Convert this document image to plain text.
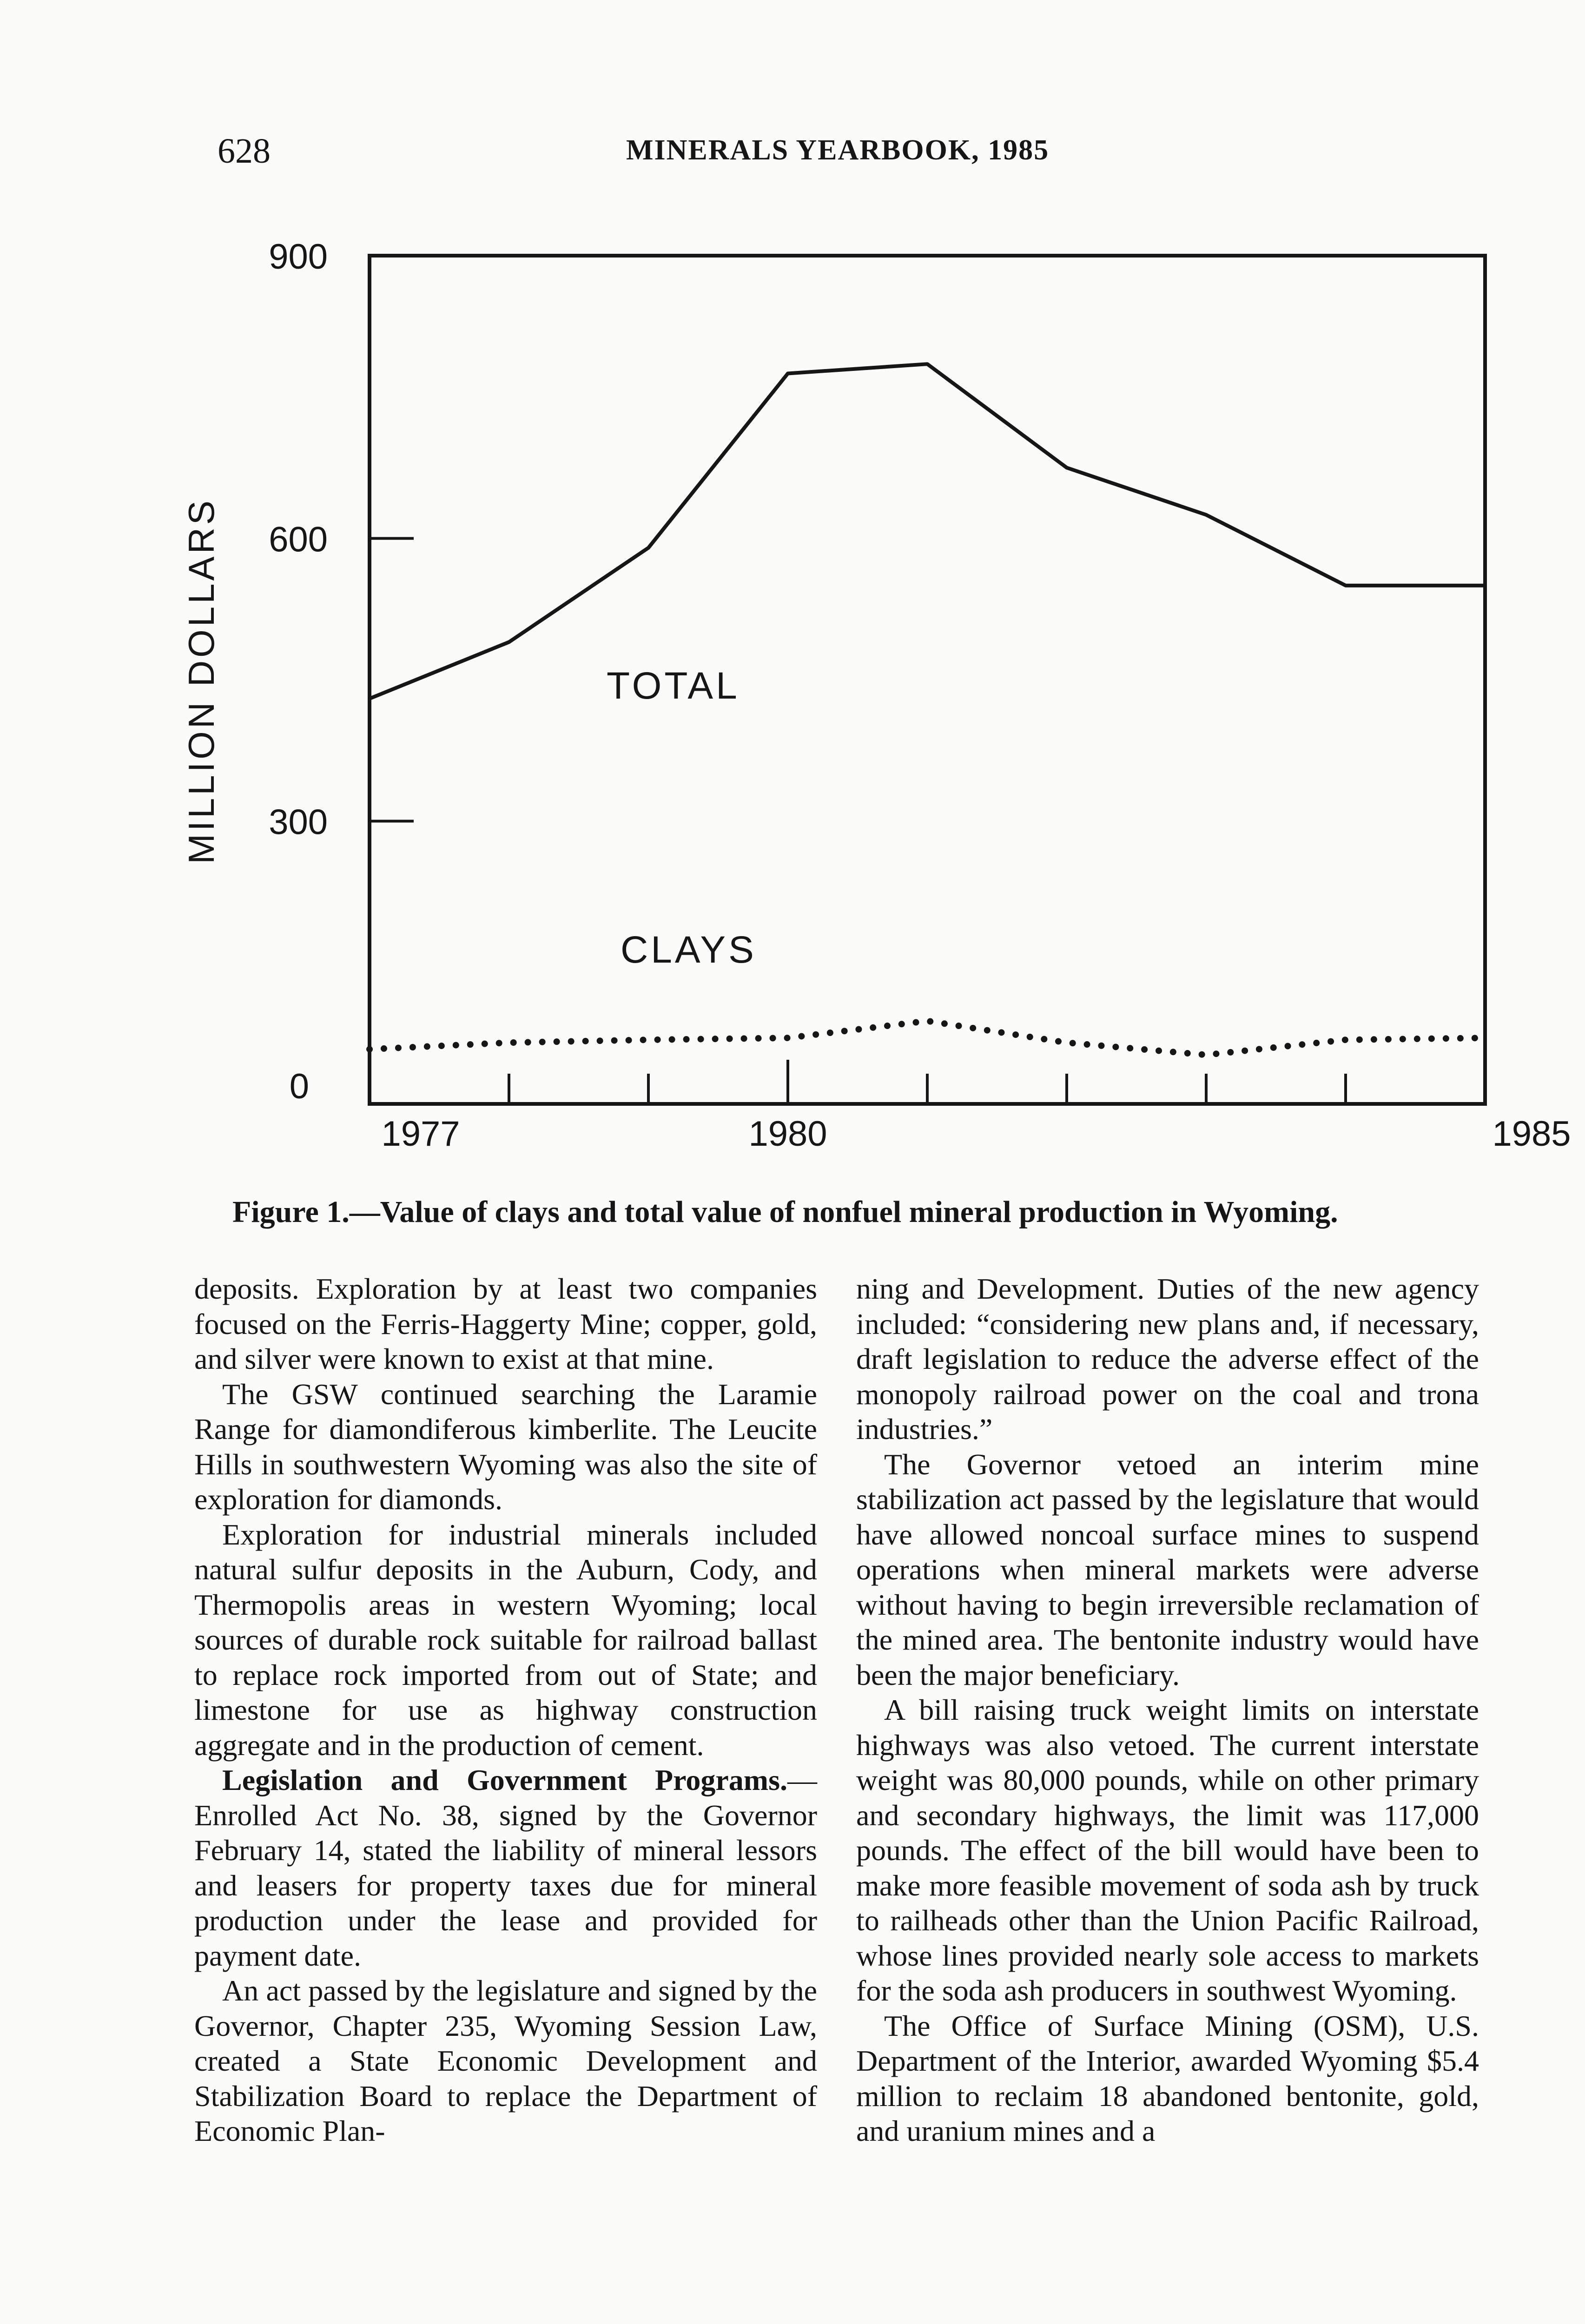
628	MINERALS YEARBOOK, 1985
0
300
600
900
1977	1980	1985
MILLION DOLLARS	TOTAL
CLAYS
Figure 1.—Value of clays and total value of nonfuel mineral production in Wyoming.

deposits. Exploration by at least two companies focused on the Ferris-Haggerty Mine; copper, gold, and silver were known to exist at that mine.

The GSW continued searching the Laramie Range for diamondiferous kimberlite. The Leucite Hills in southwestern Wyoming was also the site of exploration for diamonds.

Exploration for industrial minerals included natural sulfur deposits in the Auburn, Cody, and Thermopolis areas in western Wyoming; local sources of durable rock suitable for railroad ballast to replace rock imported from out of State; and limestone for use as highway construction aggregate and in the production of cement.

Legislation and Government Programs.—Enrolled Act No. 38, signed by the Governor February 14, stated the liability of mineral lessors and leasers for property taxes due for mineral production under the lease and provided for payment date.

An act passed by the legislature and signed by the Governor, Chapter 235, Wyoming Session Law, created a State Economic Development and Stabilization Board to replace the Department of Economic Plan-

ning and Development. Duties of the new agency included: “considering new plans and, if necessary, draft legislation to reduce the adverse effect of the monopoly railroad power on the coal and trona industries.”

The Governor vetoed an interim mine stabilization act passed by the legislature that would have allowed noncoal surface mines to suspend operations when mineral markets were adverse without having to begin irreversible reclamation of the mined area. The bentonite industry would have been the major beneficiary.

A bill raising truck weight limits on interstate highways was also vetoed. The current interstate weight was 80,000 pounds, while on other primary and secondary highways, the limit was 117,000 pounds. The effect of the bill would have been to make more feasible movement of soda ash by truck to railheads other than the Union Pacific Railroad, whose lines provided nearly sole access to markets for the soda ash producers in southwest Wyoming.

The Office of Surface Mining (OSM), U.S. Department of the Interior, awarded Wyoming $5.4 million to reclaim 18 abandoned bentonite, gold, and uranium mines and a
